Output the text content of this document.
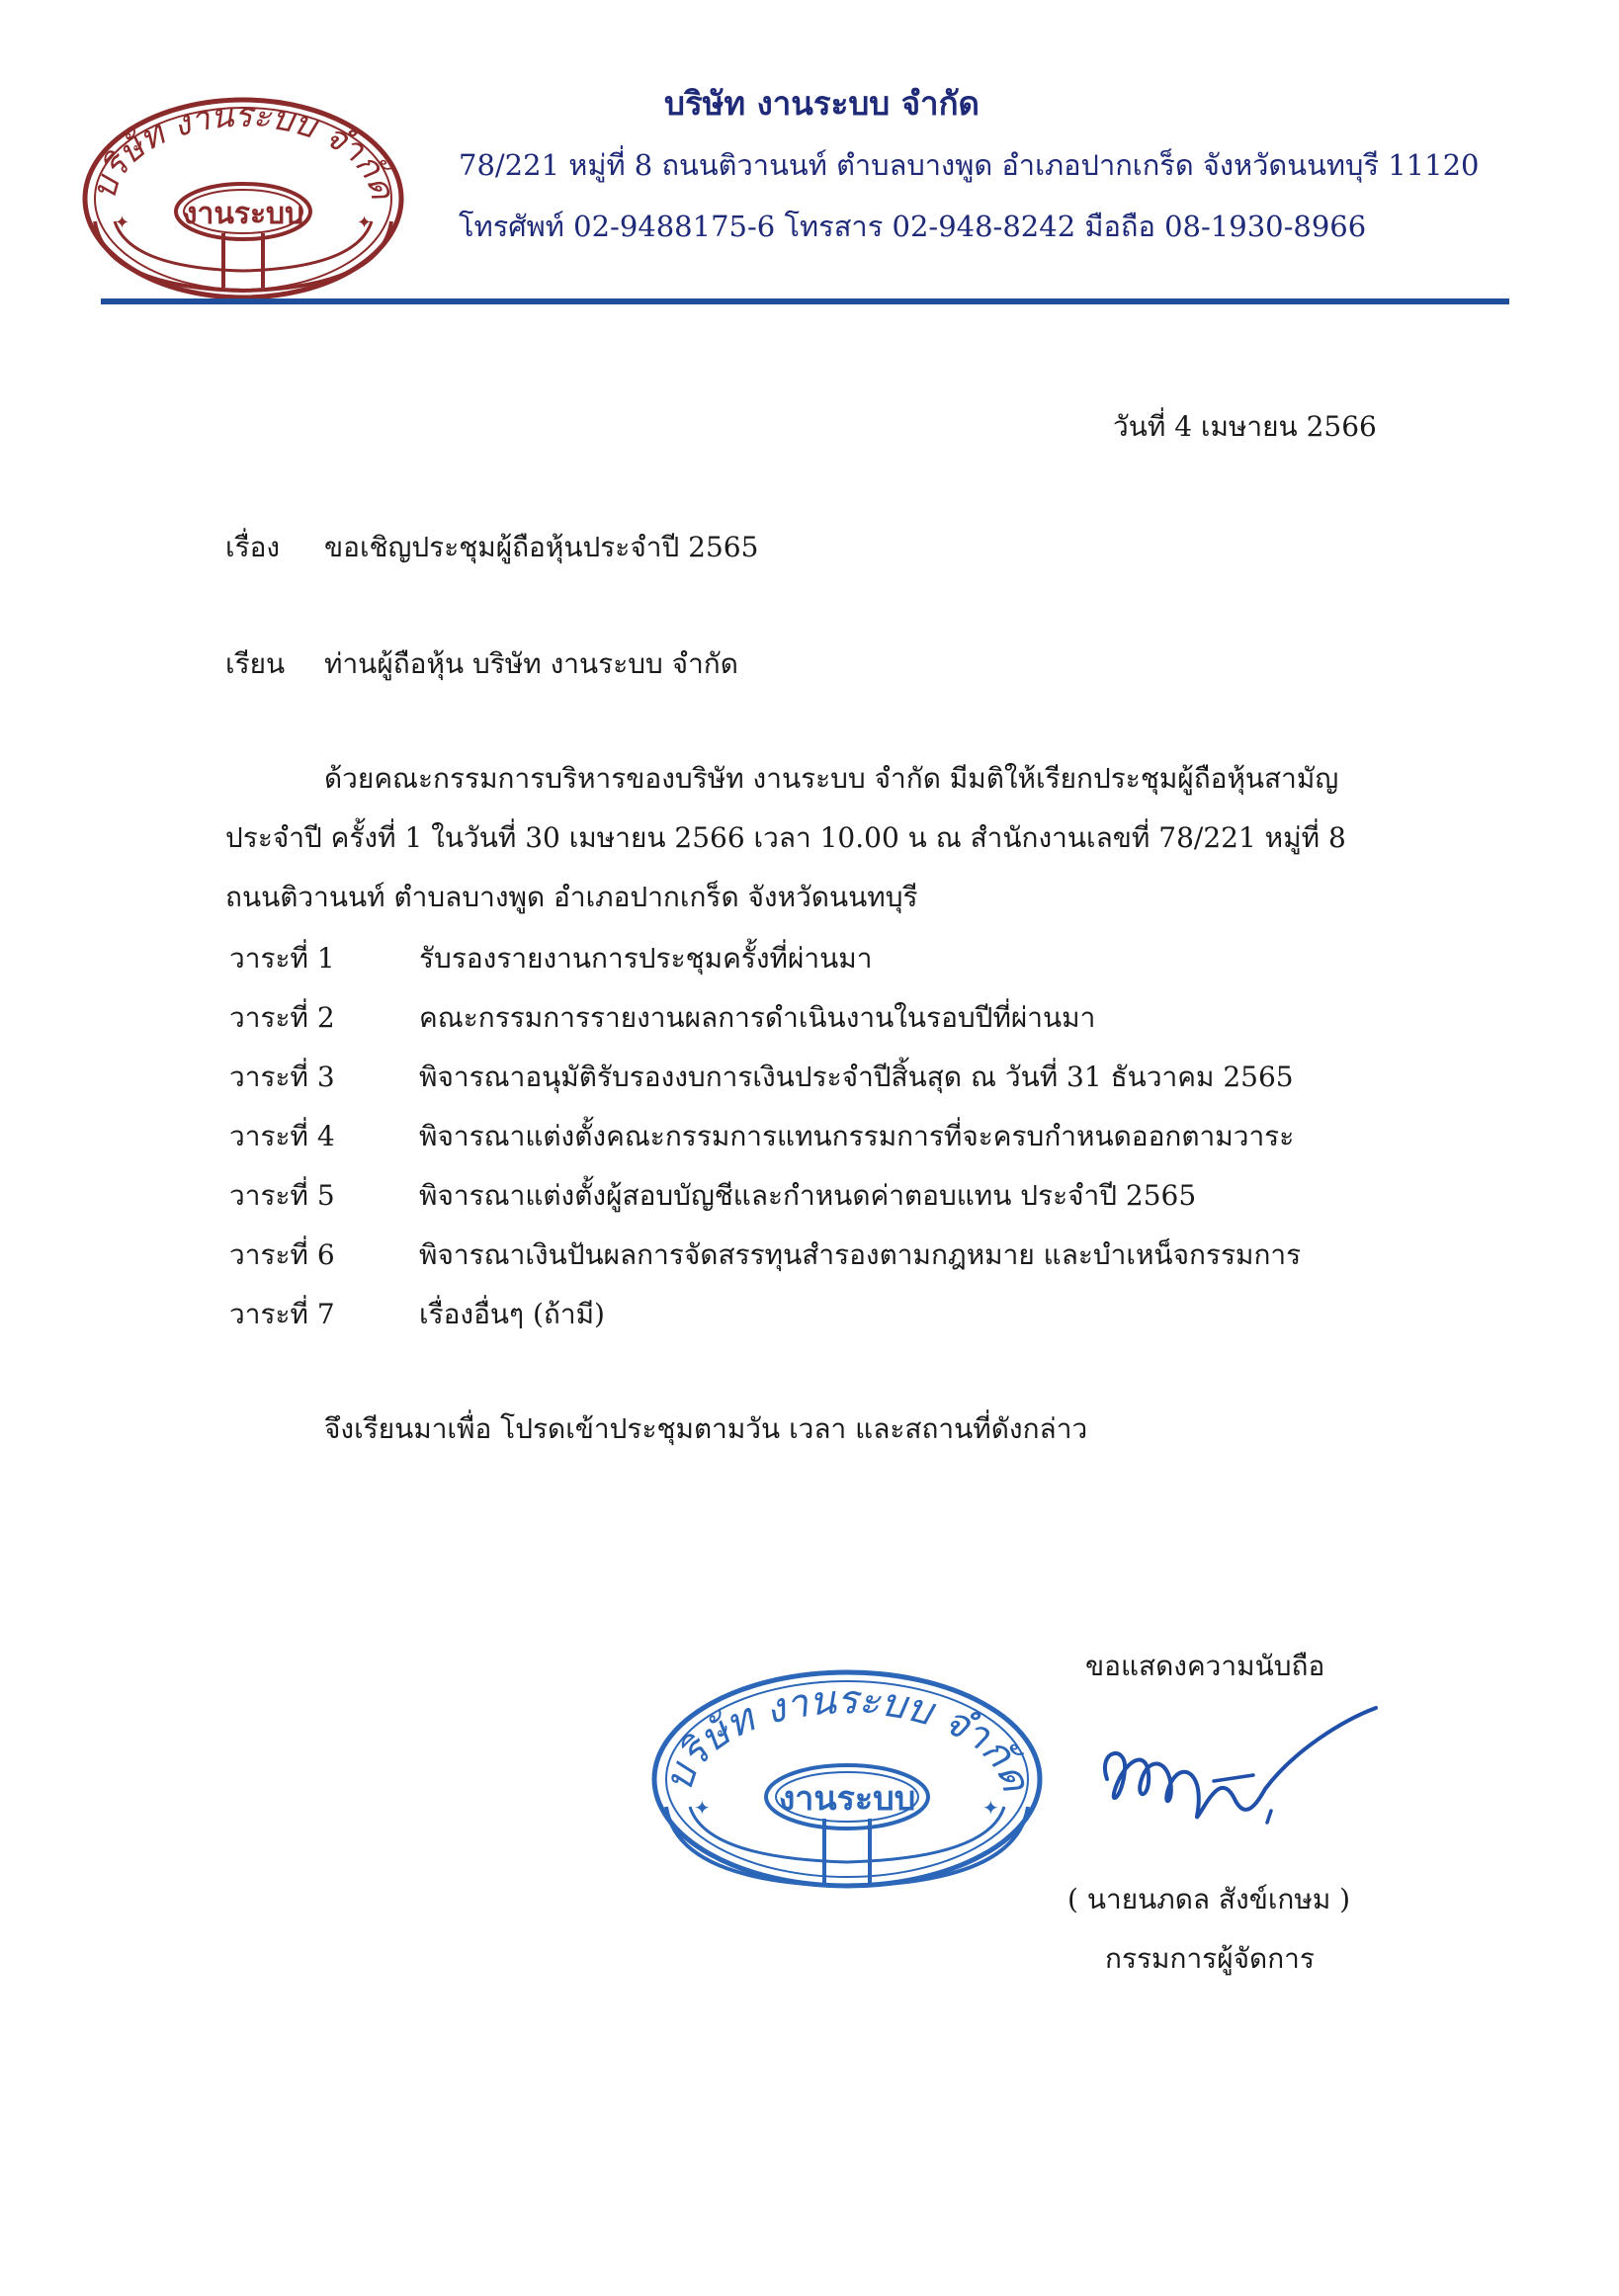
บริษัท งานระบบ จำกัด
งานระบบ
✦	✦
บริษัท งานระบบ จำกัด
78/221 หมู่ที่ 8 ถนนติวานนท์ ตำบลบางพูด อำเภอปากเกร็ด จังหวัดนนทบุรี 11120
โทรศัพท์ 02-9488175-6 โทรสาร 02-948-8242 มือถือ 08-1930-8966
วันที่ 4 เมษายน 2566
เรื่อง ขอเชิญประชุมผู้ถือหุ้นประจำปี 2565
เรียน ท่านผู้ถือหุ้น บริษัท งานระบบ จำกัด
ด้วยคณะกรรมการบริหารของบริษัท งานระบบ จำกัด มีมติให้เรียกประชุมผู้ถือหุ้นสามัญ
ประจำปี ครั้งที่ 1 ในวันที่ 30 เมษายน 2566 เวลา 10.00 น ณ สำนักงานเลขที่ 78/221 หมู่ที่ 8
ถนนติวานนท์ ตำบลบางพูด อำเภอปากเกร็ด จังหวัดนนทบุรี
วาระที่ 1	รับรองรายงานการประชุมครั้งที่ผ่านมา
วาระที่ 2	คณะกรรมการรายงานผลการดำเนินงานในรอบปีที่ผ่านมา
วาระที่ 3	พิจารณาอนุมัติรับรองงบการเงินประจำปีสิ้นสุด ณ วันที่ 31 ธันวาคม 2565
วาระที่ 4	พิจารณาแต่งตั้งคณะกรรมการแทนกรรมการที่จะครบกำหนดออกตามวาระ
วาระที่ 5	พิจารณาแต่งตั้งผู้สอบบัญชีและกำหนดค่าตอบแทน ประจำปี 2565
วาระที่ 6	พิจารณาเงินปันผลการจัดสรรทุนสำรองตามกฎหมาย และบำเหน็จกรรมการ
วาระที่ 7	เรื่องอื่นๆ (ถ้ามี)
จึงเรียนมาเพื่อ โปรดเข้าประชุมตามวัน เวลา และสถานที่ดังกล่าว
ขอแสดงความนับถือ
บริษัท งานระบบ จำกัด
งานระบบ
✦	✦
( นายนภดล สังข์เกษม )
กรรมการผู้จัดการ
